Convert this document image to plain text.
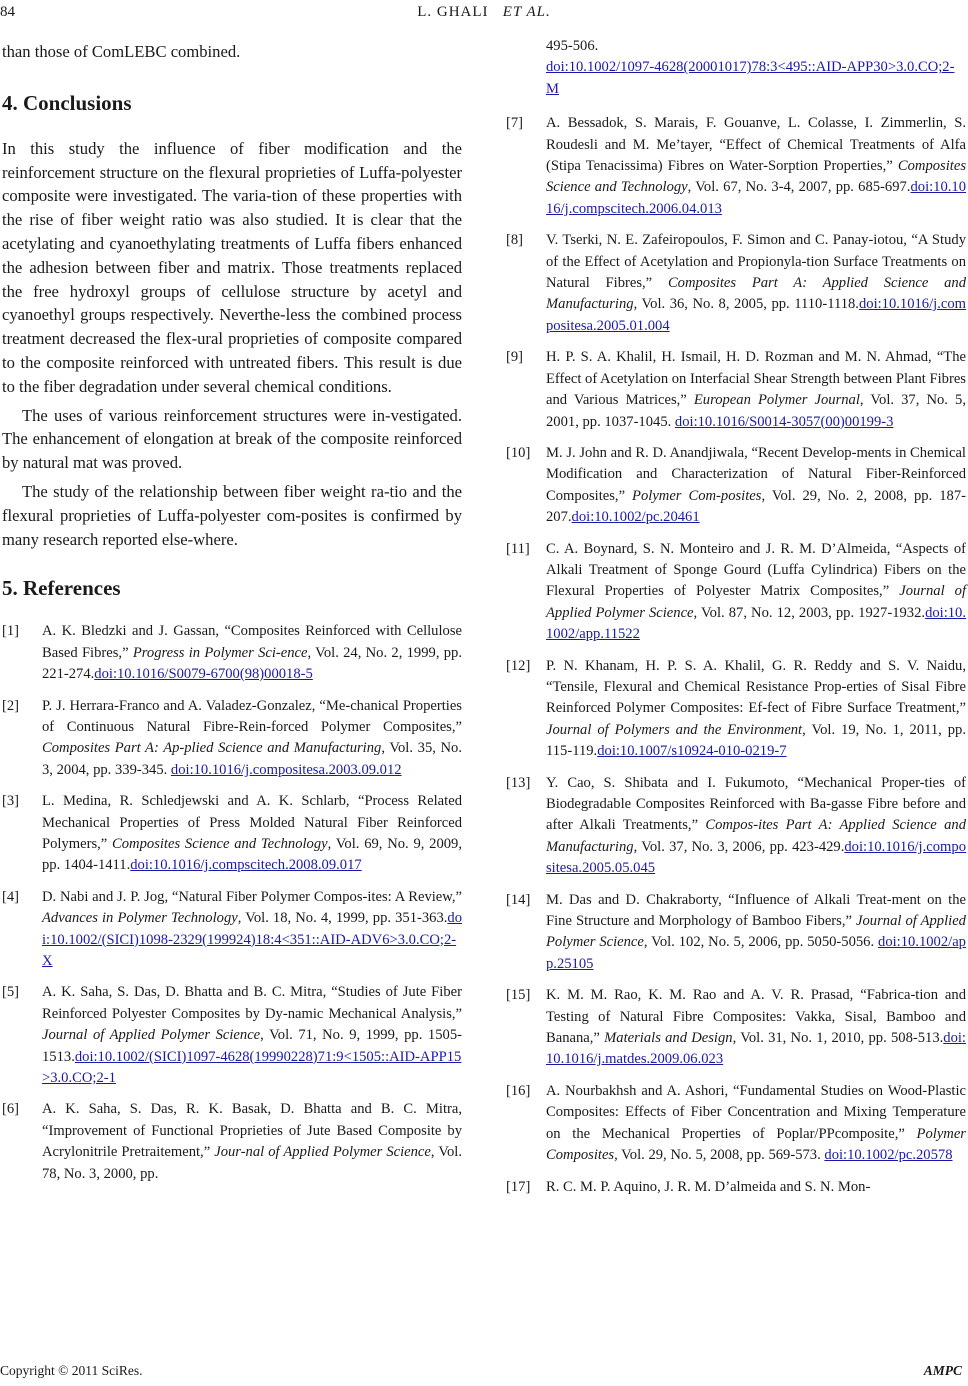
84	L. GHALI ET AL.

than those of ComLEBC combined.

4. Conclusions

In this study the influence of fiber modification and the reinforcement structure on the flexural proprieties of Luffa-polyester composite were investigated. The varia-tion of these properties with the rise of fiber weight ratio was also studied. It is clear that the acetylating and cyanoethylating treatments of Luffa fibers enhanced the adhesion between fiber and matrix. Those treatments replaced the free hydroxyl groups of cellulose structure by acetyl and cyanoethyl groups respectively. Neverthe-less the combined process treatment decreased the flex-ural proprieties of composite compared to the composite reinforced with untreated fibers. This result is due to the fiber degradation under several chemical conditions.

The uses of various reinforcement structures were in-vestigated. The enhancement of elongation at break of the composite reinforced by natural mat was proved.

The study of the relationship between fiber weight ra-tio and the flexural proprieties of Luffa-polyester com-posites is confirmed by many research reported else-where.

5. References
[1] A. K. Bledzki and J. Gassan, “Composites Reinforced with Cellulose Based Fibres,” Progress in Polymer Sci-ence, Vol. 24, No. 2, 1999, pp. 221-274.doi:10.1016/S0079-6700(98)00018-5
[2] P. J. Herrara-Franco and A. Valadez-Gonzalez, “Me-chanical Properties of Continuous Natural Fibre-Rein-forced Polymer Composites,” Composites Part A: Ap-plied Science and Manufacturing, Vol. 35, No. 3, 2004, pp. 339-345. doi:10.1016/j.compositesa.2003.09.012
[3] L. Medina, R. Schledjewski and A. K. Schlarb, “Process Related Mechanical Properties of Press Molded Natural Fiber Reinforced Polymers,” Composites Science and Technology, Vol. 69, No. 9, 2009, pp. 1404-1411.doi:10.1016/j.compscitech.2008.09.017
[4] D. Nabi and J. P. Jog, “Natural Fiber Polymer Compos-ites: A Review,” Advances in Polymer Technology, Vol. 18, No. 4, 1999, pp. 351-363.doi:10.1002/(SICI)1098-2329(199924)18:4<351::AID-ADV6>3.0.CO;2-X
[5] A. K. Saha, S. Das, D. Bhatta and B. C. Mitra, “Studies of Jute Fiber Reinforced Polyester Composites by Dy-namic Mechanical Analysis,” Journal of Applied Polymer Science, Vol. 71, No. 9, 1999, pp. 1505-1513.doi:10.1002/(SICI)1097-4628(19990228)71:9<1505::AID-APP15>3.0.CO;2-1
[6] A. K. Saha, S. Das, R. K. Basak, D. Bhatta and B. C. Mitra, “Improvement of Functional Proprieties of Jute Based Composite by Acrylonitrile Pretraitement,” Jour-nal of Applied Polymer Science, Vol. 78, No. 3, 2000, pp.
495-506.
doi:10.1002/1097-4628(20001017)78:3<495::AID-APP30>3.0.CO;2-M
[7] A. Bessadok, S. Marais, F. Gouanve, L. Colasse, I. Zimmerlin, S. Roudesli and M. Me’tayer, “Effect of Chemical Treatments of Alfa (Stipa Tenacissima) Fibres on Water-Sorption Properties,” Composites Science and Technology, Vol. 67, No. 3-4, 2007, pp. 685-697.doi:10.1016/j.compscitech.2006.04.013
[8] V. Tserki, N. E. Zafeiropoulos, F. Simon and C. Panay-iotou, “A Study of the Effect of Acetylation and Propionyla-tion Surface Treatments on Natural Fibres,” Composites Part A: Applied Science and Manufacturing, Vol. 36, No. 8, 2005, pp. 1110-1118.doi:10.1016/j.compositesa.2005.01.004
[9] H. P. S. A. Khalil, H. Ismail, H. D. Rozman and M. N. Ahmad, “The Effect of Acetylation on Interfacial Shear Strength between Plant Fibres and Various Matrices,” European Polymer Journal, Vol. 37, No. 5, 2001, pp. 1037-1045. doi:10.1016/S0014-3057(00)00199-3
[10] M. J. John and R. D. Anandjiwala, “Recent Develop-ments in Chemical Modification and Characterization of Natural Fiber-Reinforced Composites,” Polymer Com-posites, Vol. 29, No. 2, 2008, pp. 187-207.doi:10.1002/pc.20461
[11] C. A. Boynard, S. N. Monteiro and J. R. M. D’Almeida, “Aspects of Alkali Treatment of Sponge Gourd (Luffa Cylindrica) Fibers on the Flexural Properties of Polyester Matrix Composites,” Journal of Applied Polymer Science, Vol. 87, No. 12, 2003, pp. 1927-1932.doi:10.1002/app.11522
[12] P. N. Khanam, H. P. S. A. Khalil, G. R. Reddy and S. V. Naidu, “Tensile, Flexural and Chemical Resistance Prop-erties of Sisal Fibre Reinforced Polymer Composites: Ef-fect of Fibre Surface Treatment,” Journal of Polymers and the Environment, Vol. 19, No. 1, 2011, pp. 115-119.doi:10.1007/s10924-010-0219-7
[13] Y. Cao, S. Shibata and I. Fukumoto, “Mechanical Proper-ties of Biodegradable Composites Reinforced with Ba-gasse Fibre before and after Alkali Treatments,” Compos-ites Part A: Applied Science and Manufacturing, Vol. 37, No. 3, 2006, pp. 423-429.doi:10.1016/j.compositesa.2005.05.045
[14] M. Das and D. Chakraborty, “Influence of Alkali Treat-ment on the Fine Structure and Morphology of Bamboo Fibers,” Journal of Applied Polymer Science, Vol. 102, No. 5, 2006, pp. 5050-5056. doi:10.1002/app.25105
[15] K. M. M. Rao, K. M. Rao and A. V. R. Prasad, “Fabrica-tion and Testing of Natural Fibre Composites: Vakka, Sisal, Bamboo and Banana,” Materials and Design, Vol. 31, No. 1, 2010, pp. 508-513.doi:10.1016/j.matdes.2009.06.023
[16] A. Nourbakhsh and A. Ashori, “Fundamental Studies on Wood-Plastic Composites: Effects of Fiber Concentration and Mixing Temperature on the Mechanical Properties of Poplar/PPcomposite,” Polymer Composites, Vol. 29, No. 5, 2008, pp. 569-573. doi:10.1002/pc.20578
[17] R. C. M. P. Aquino, J. R. M. D’almeida and S. N. Mon-
Copyright © 2011 SciRes.	AMPC
